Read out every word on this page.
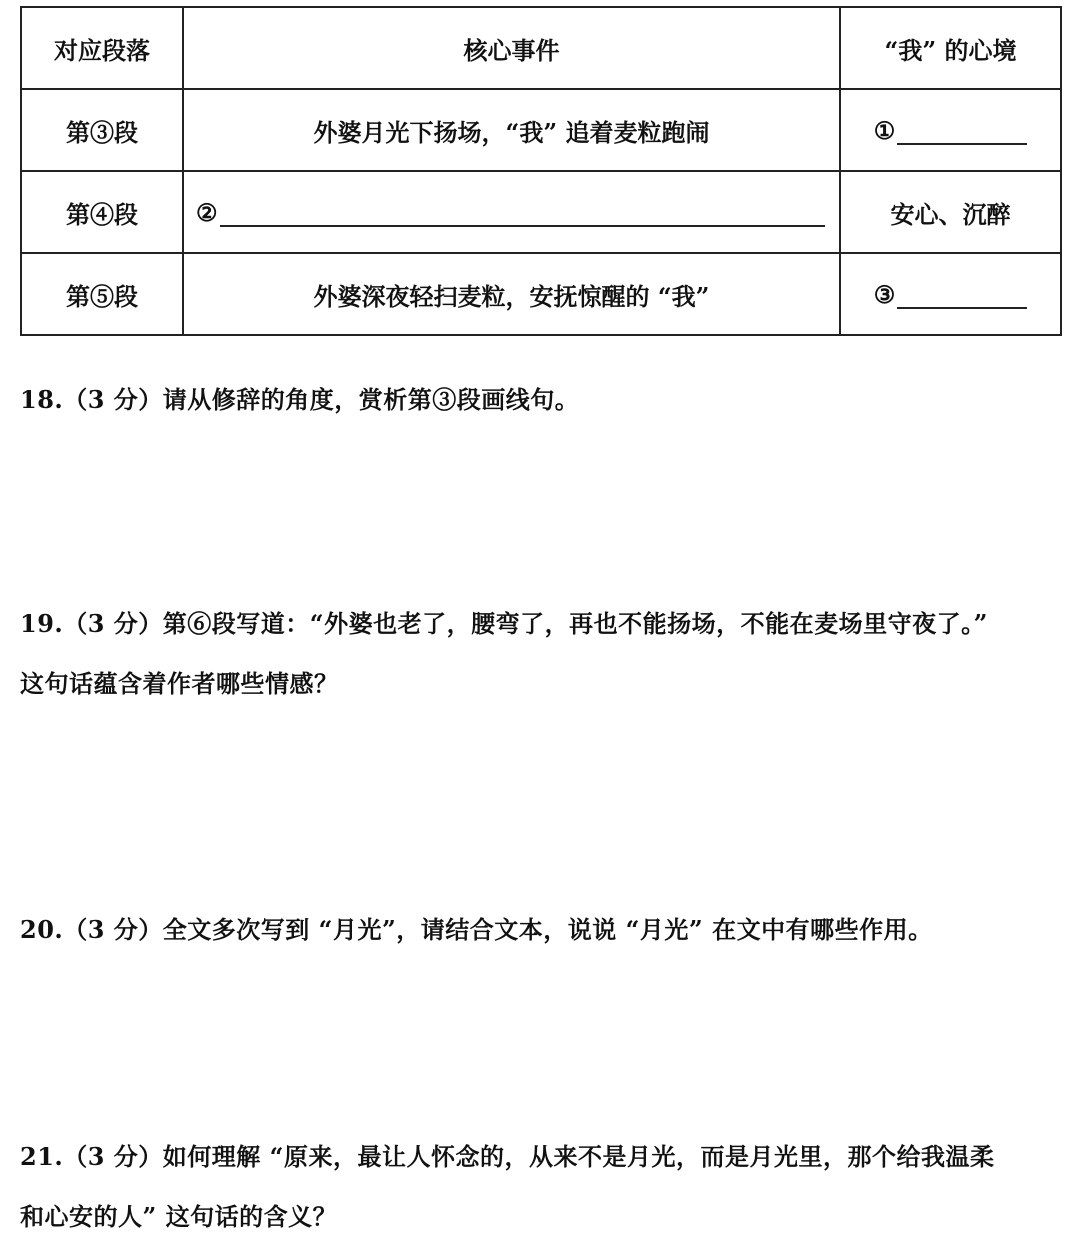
对应段落	核心事件	“我” 的心境
第③段	外婆月光下扬场，“我” 追着麦粒跑闹	①

第④段	②	安心、沉醉
第⑤段	外婆深夜轻扫麦粒，安抚惊醒的 “我”	③
18.（3 分）请从修辞的角度，赏析第③段画线句。
19.（3 分）第⑥段写道：“外婆也老了，腰弯了，再也不能扬场，不能在麦场里守夜了。”
这句话蕴含着作者哪些情感？
20.（3 分）全文多次写到 “月光”，请结合文本，说说 “月光” 在文中有哪些作用。
21.（3 分）如何理解 “原来，最让人怀念的，从来不是月光，而是月光里，那个给我温柔
和心安的人” 这句话的含义？
